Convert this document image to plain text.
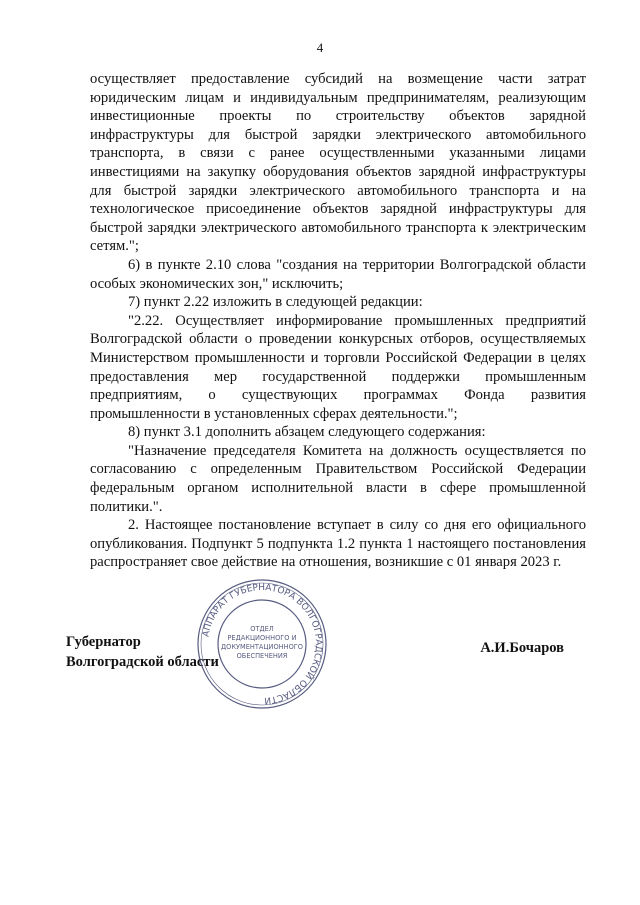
4

осуществляет предоставление субсидий на возмещение части затрат юридическим лицам и индивидуальным предпринимателям, реализующим инвестиционные проекты по строительству объектов зарядной инфраструктуры для быстрой зарядки электрического автомобильного транспорта, в связи с ранее осуществленными указанными лицами инвестициями на закупку оборудования объектов зарядной инфраструктуры для быстрой зарядки электрического автомобильного транспорта и на технологическое присоединение объектов зарядной инфраструктуры для быстрой зарядки электрического автомобильного транспорта к электрическим сетям.";

6) в пункте 2.10 слова "создания на территории Волгоградской области особых экономических зон," исключить;

7) пункт 2.22 изложить в следующей редакции:

"2.22. Осуществляет информирование промышленных предприятий Волгоградской области о проведении конкурсных отборов, осуществляемых Министерством промышленности и торговли Российской Федерации в целях предоставления мер государственной поддержки промышленным предприятиям, о существующих программах Фонда развития промышленности в установленных сферах деятельности.";

8) пункт 3.1 дополнить абзацем следующего содержания:

"Назначение председателя Комитета на должность осуществляется по согласованию с определенным Правительством Российской Федерации федеральным органом исполнительной власти в сфере промышленной политики.".

2. Настоящее постановление вступает в силу со дня его официального опубликования. Подпункт 5 подпункта 1.2 пункта 1 настоящего постановления распространяет свое действие на отношения, возникшие с 01 января 2023 г.

Губернатор
Волгоградской области
А.И.Бочаров
АППАРАТ ГУБЕРНАТОРА ВОЛГОГРАДСКОЙ ОБЛАСТИ
ОТДЕЛ
РЕДАКЦИОННОГО И
ДОКУМЕНТАЦИОННОГО
ОБЕСПЕЧЕНИЯ
